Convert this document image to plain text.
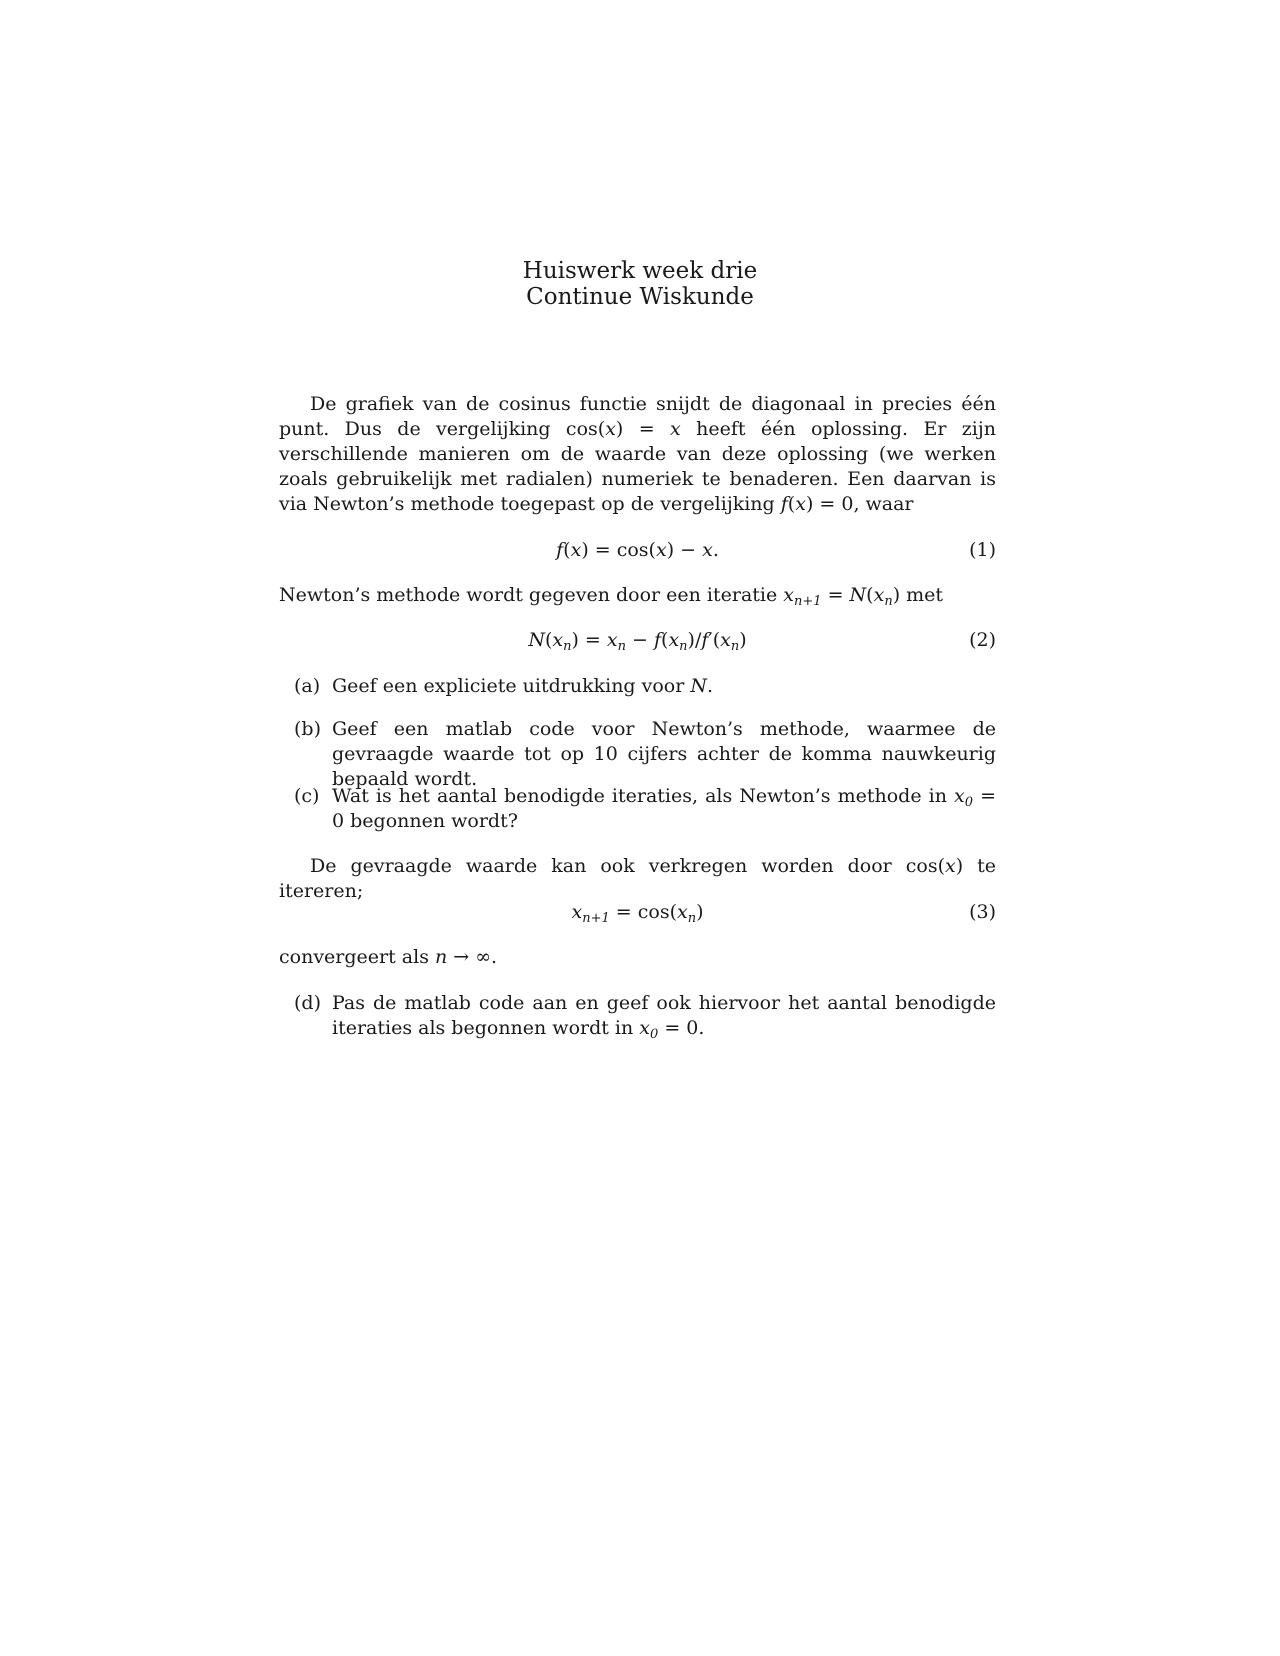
Huiswerk week drie
Continue Wiskunde

De grafiek van de cosinus functie snijdt de diagonaal in precies één punt. Dus de vergelijking cos(x) = x heeft één oplossing. Er zijn verschillende manieren om de waarde van deze oplossing (we werken zoals gebruikelijk met radialen) numeriek te benaderen. Een daarvan is via Newton’s methode toegepast op de vergelijking f(x) = 0, waar

f(x) = cos(x) − x.	(1)

Newton’s methode wordt gegeven door een iteratie $x_{n+1} = N(x_n)$ met

$N(x_n) = x_n - f(x_n)/f'(x_n)$	(2)
(a) Geef een expliciete uitdrukking voor N.
(b) Geef een matlab code voor Newton’s methode, waarmee de gevraagde waarde tot op 10 cijfers achter de komma nauwkeurig bepaald wordt.
(c) Wat is het aantal benodigde iteraties, als Newton’s methode in $x_0 = 0$ begonnen wordt?

De gevraagde waarde kan ook verkregen worden door cos(x) te itereren;

$x_{n+1} = \cos(x_n)$	(3)

convergeert als n → ∞.

(d) Pas de matlab code aan en geef ook hiervoor het aantal benodigde iteraties als begonnen wordt in $x_0 = 0$.
